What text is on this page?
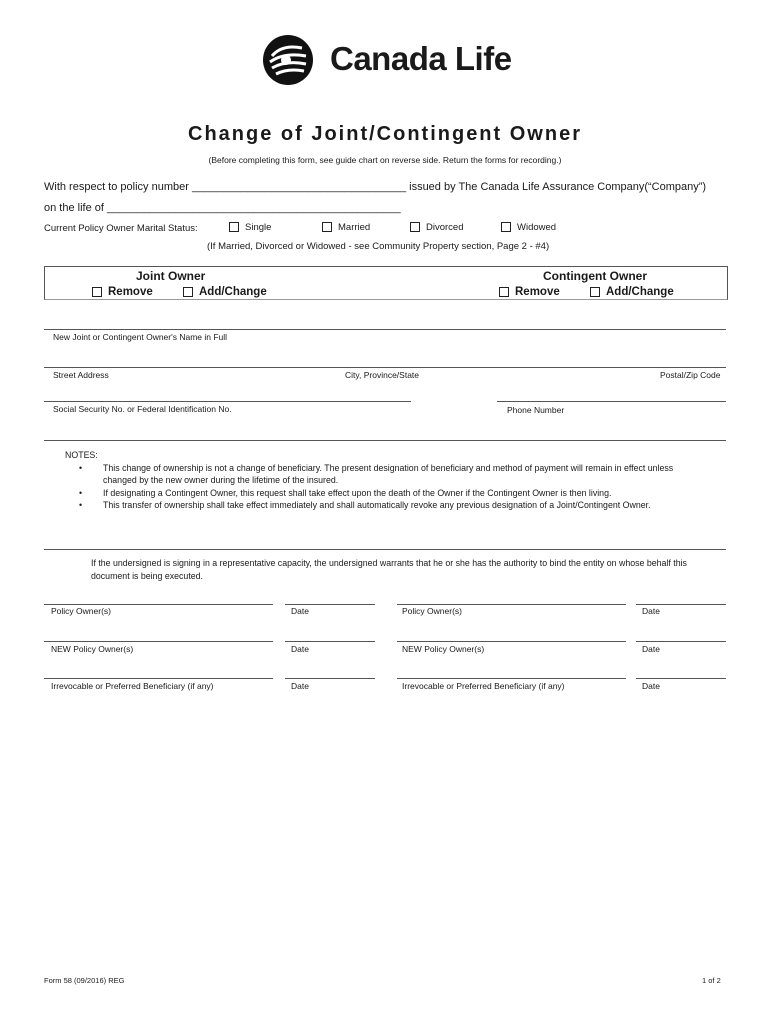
Canada Life
Change of Joint/Contingent Owner
(Before completing this form, see guide chart on reverse side. Return the forms for recording.)
With respect to policy number ___________________________________ issued by The Canada Life Assurance Company(“Company”)
on the life of ________________________________________________
Current Policy Owner Marital Status:	Single	Married	Divorced	Widowed
(If Married, Divorced or Widowed - see Community Property section, Page 2 - #4)
Joint Owner
Remove	Add/Change
Contingent Owner
Remove	Add/Change
New Joint or Contingent Owner's Name in Full
Street Address	City, Province/State	Postal/Zip Code
Social Security No. or Federal Identification No.	Phone Number
NOTES:
• This change of ownership is not a change of beneficiary. The present designation of beneficiary and method of payment will remain in effect unless changed by the new owner during the lifetime of the insured.
• If designating a Contingent Owner, this request shall take effect upon the death of the Owner if the Contingent Owner is then living.
• This transfer of ownership shall take effect immediately and shall automatically revoke any previous designation of a Joint/Contingent Owner.
If the undersigned is signing in a representative capacity, the undersigned warrants that he or she has the authority to bind the entity on whose behalf this document is being executed.
Policy Owner(s)	Date	Policy Owner(s)	Date
NEW Policy Owner(s)	Date	NEW Policy Owner(s)	Date
Irrevocable or Preferred Beneficiary (if any)	Date	Irrevocable or Preferred Beneficiary (if any)	Date
Form 58 (09/2016) REG	1 of 2
